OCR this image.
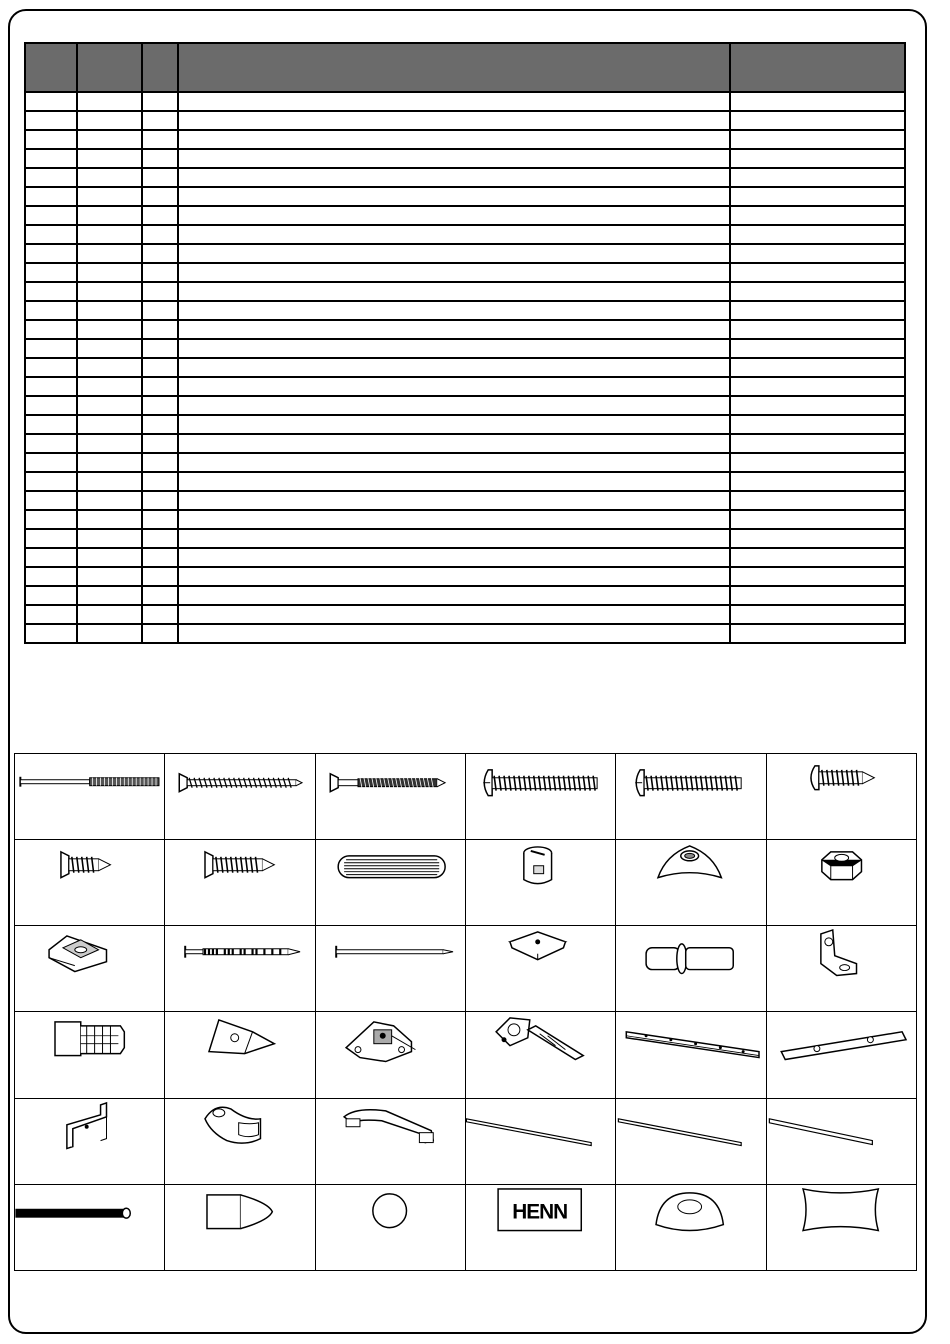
HENN
